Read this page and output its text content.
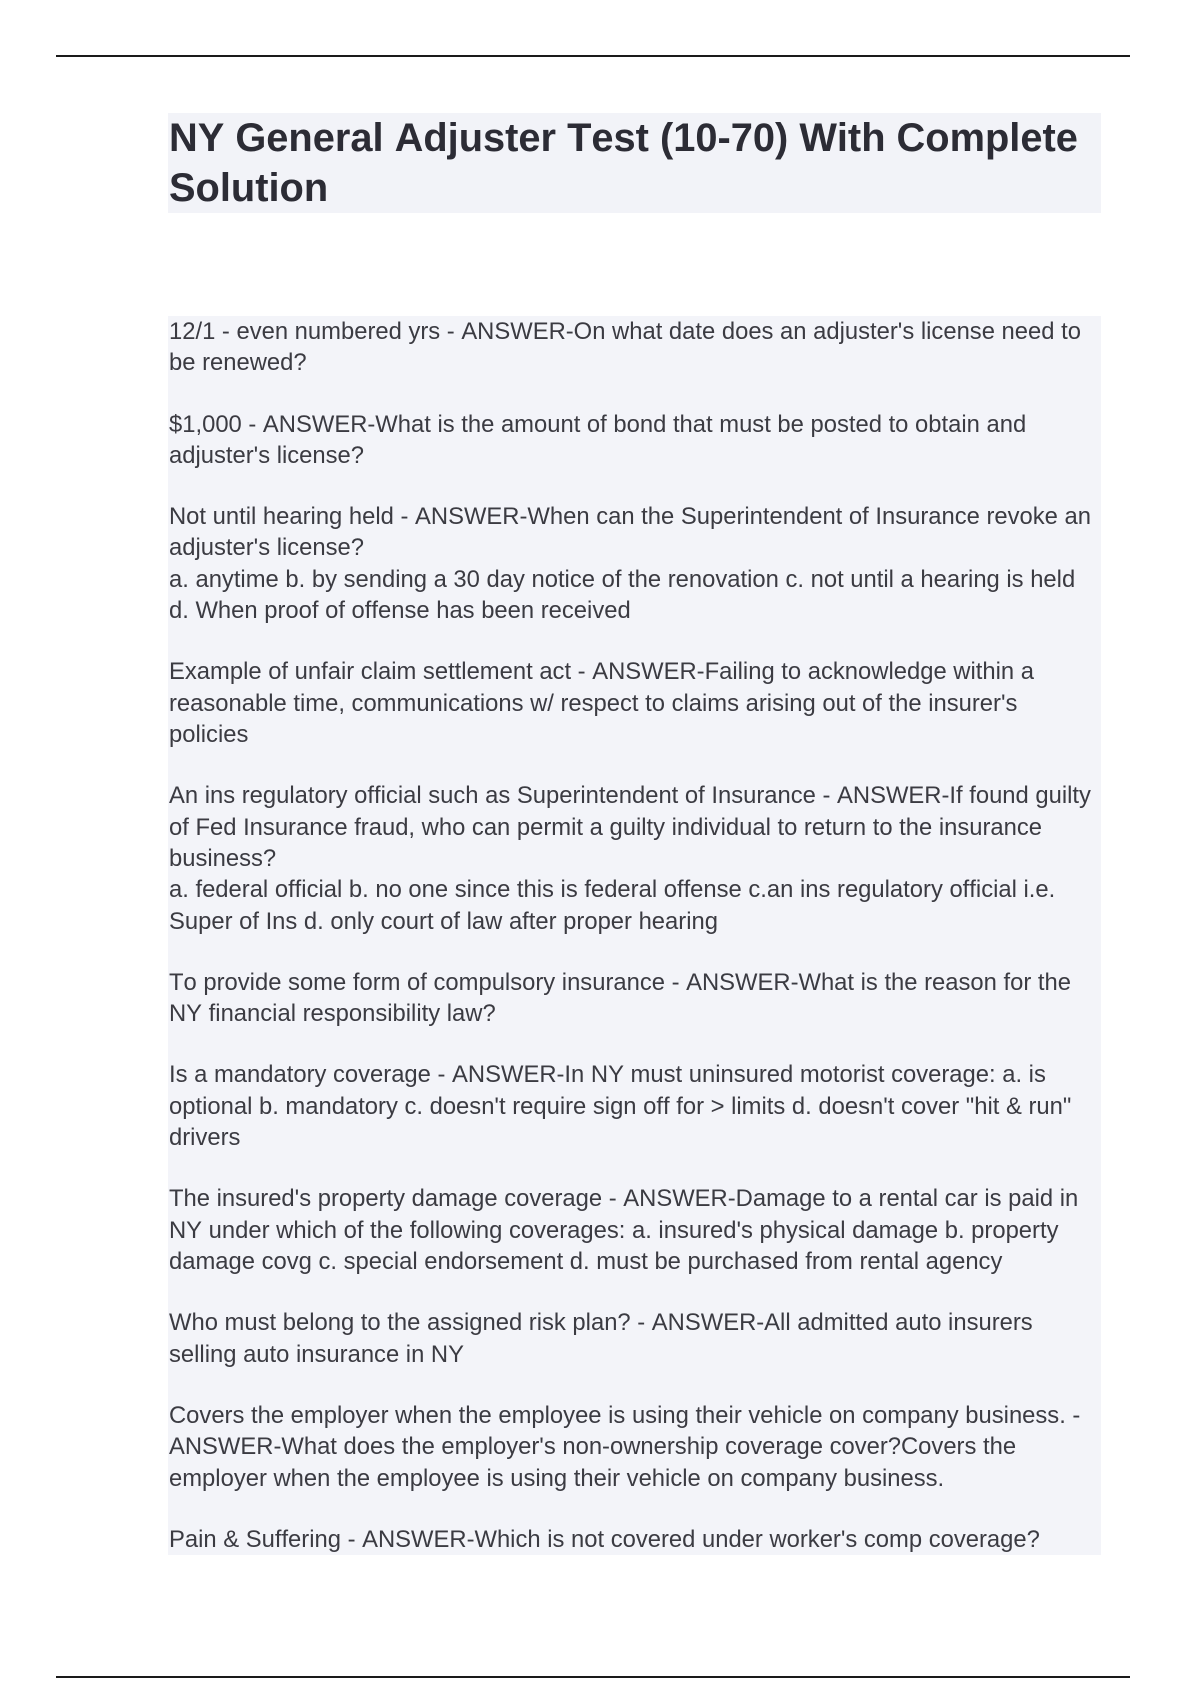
NY General Adjuster Test (10-70) With Complete Solution

12/1 - even numbered yrs - ANSWER-On what date does an adjuster's license need to be renewed?

$1,000 - ANSWER-What is the amount of bond that must be posted to obtain and adjuster's license?

Not until hearing held - ANSWER-When can the Superintendent of Insurance revoke an adjuster's license?
a. anytime b. by sending a 30 day notice of the renovation c. not until a hearing is held d. When proof of offense has been received

Example of unfair claim settlement act - ANSWER-Failing to acknowledge within a reasonable time, communications w/ respect to claims arising out of the insurer's policies

An ins regulatory official such as Superintendent of Insurance - ANSWER-If found guilty of Fed Insurance fraud, who can permit a guilty individual to return to the insurance business?
a. federal official b. no one since this is federal offense c.an ins regulatory official i.e. Super of Ins d. only court of law after proper hearing

To provide some form of compulsory insurance - ANSWER-What is the reason for the NY financial responsibility law?

Is a mandatory coverage - ANSWER-In NY must uninsured motorist coverage: a. is optional b. mandatory c. doesn't require sign off for > limits d. doesn't cover "hit & run" drivers

The insured's property damage coverage - ANSWER-Damage to a rental car is paid in NY under which of the following coverages: a. insured's physical damage b. property damage covg c. special endorsement d. must be purchased from rental agency

Who must belong to the assigned risk plan? - ANSWER-All admitted auto insurers selling auto insurance in NY

Covers the employer when the employee is using their vehicle on company business. - ANSWER-What does the employer's non-ownership coverage cover?Covers the employer when the employee is using their vehicle on company business.

Pain & Suffering - ANSWER-Which is not covered under worker's comp coverage?
